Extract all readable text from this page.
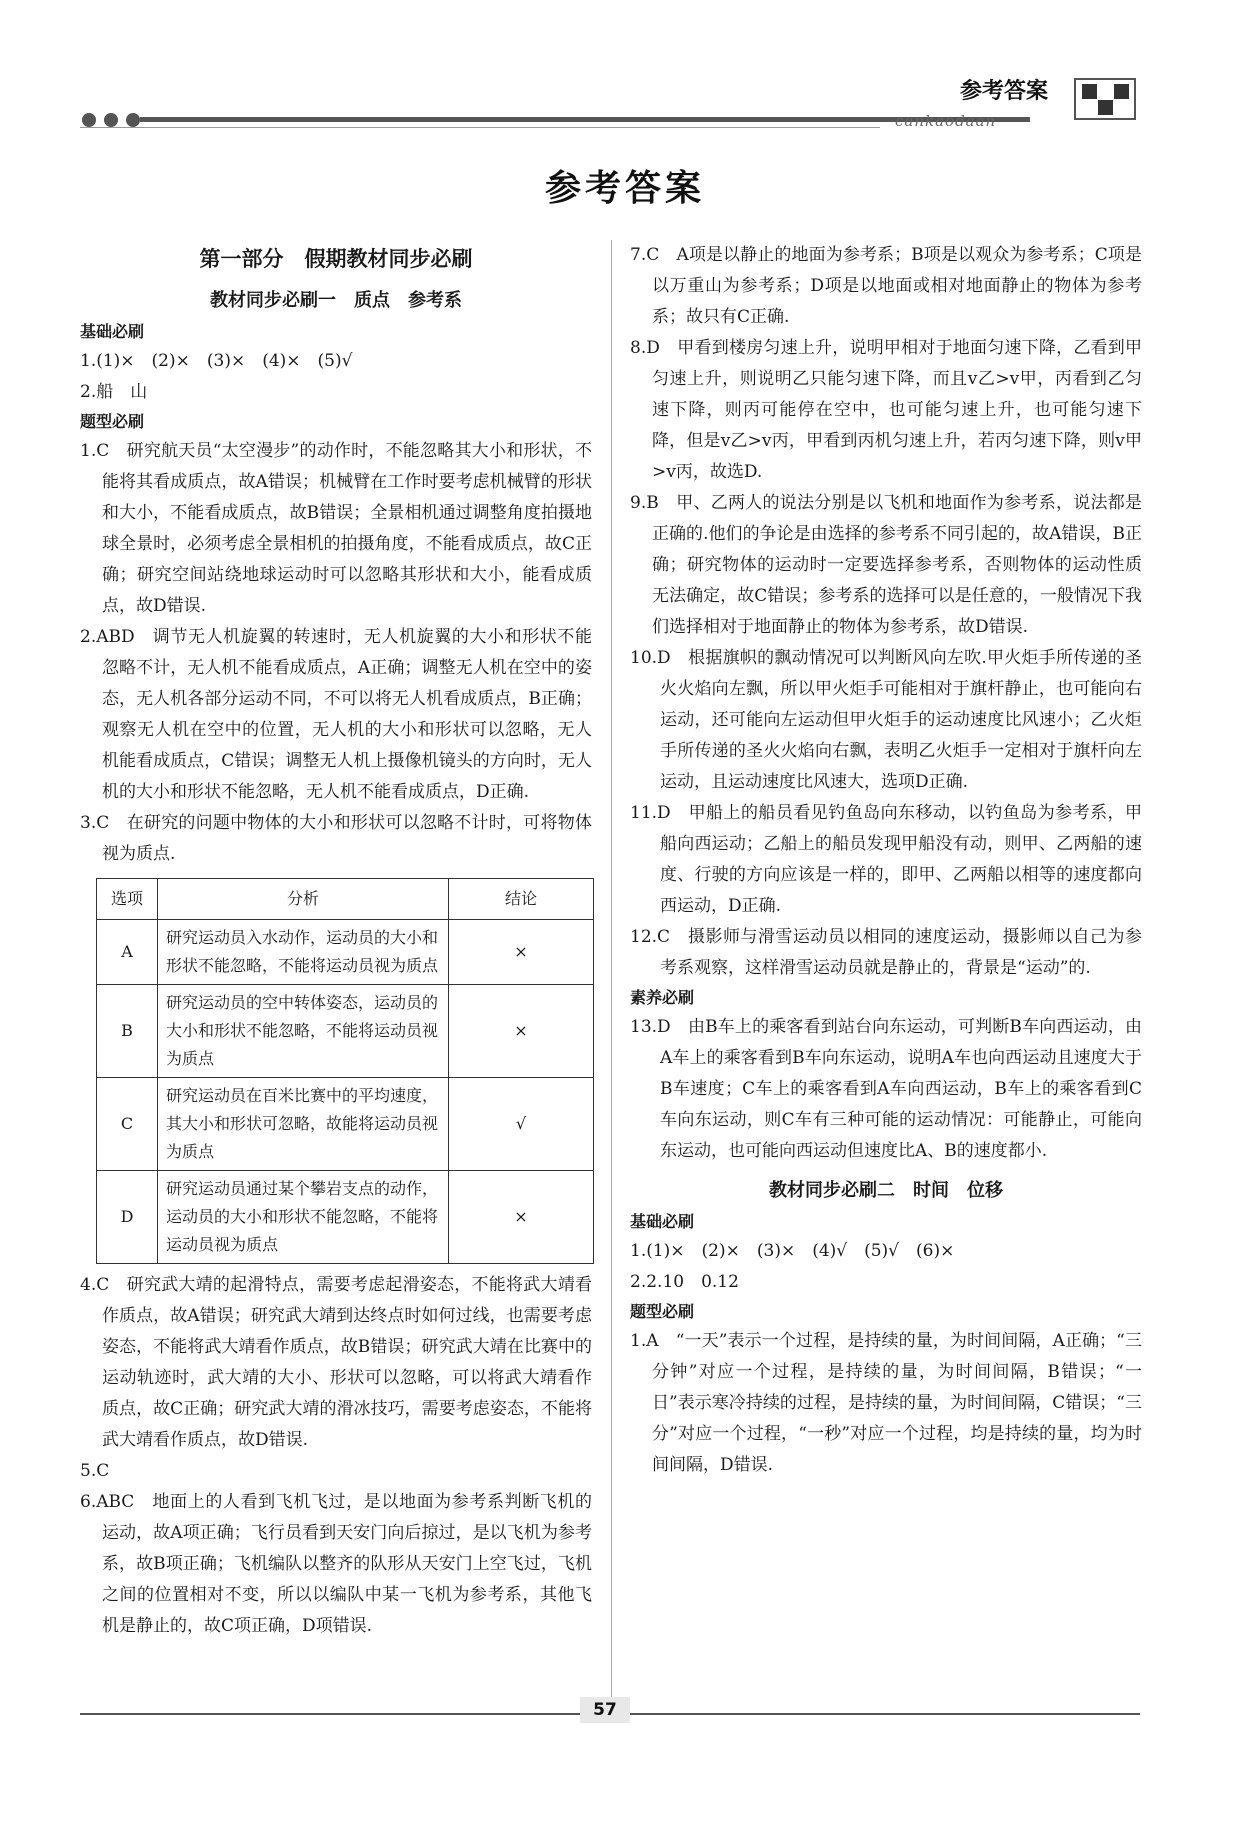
参考答案
cankaodaan
参考答案
第一部分　假期教材同步必刷
教材同步必刷一　质点　参考系
基础必刷
1.(1)×　(2)×　(3)×　(4)×　(5)√
2.船　山
题型必刷
1.C　研究航天员“太空漫步”的动作时，不能忽略其大小和形状，不能将其看成质点，故A错误；机械臂在工作时要考虑机械臂的形状和大小，不能看成质点，故B错误；全景相机通过调整角度拍摄地球全景时，必须考虑全景相机的拍摄角度，不能看成质点，故C正确；研究空间站绕地球运动时可以忽略其形状和大小，能看成质点，故D错误.
2.ABD　调节无人机旋翼的转速时，无人机旋翼的大小和形状不能忽略不计，无人机不能看成质点，A正确；调整无人机在空中的姿态，无人机各部分运动不同，不可以将无人机看成质点，B正确；观察无人机在空中的位置，无人机的大小和形状可以忽略，无人机能看成质点，C错误；调整无人机上摄像机镜头的方向时，无人机的大小和形状不能忽略，无人机不能看成质点，D正确.
3.C　在研究的问题中物体的大小和形状可以忽略不计时，可将物体视为质点.
选项	分析	结论
A	研究运动员入水动作，运动员的大小和形状不能忽略，不能将运动员视为质点	×
B	研究运动员的空中转体姿态，运动员的大小和形状不能忽略，不能将运动员视为质点	×
C	研究运动员在百米比赛中的平均速度，其大小和形状可忽略，故能将运动员视为质点	√
D	研究运动员通过某个攀岩支点的动作，运动员的大小和形状不能忽略，不能将运动员视为质点	×
4.C　研究武大靖的起滑特点，需要考虑起滑姿态，不能将武大靖看作质点，故A错误；研究武大靖到达终点时如何过线，也需要考虑姿态，不能将武大靖看作质点，故B错误；研究武大靖在比赛中的运动轨迹时，武大靖的大小、形状可以忽略，可以将武大靖看作质点，故C正确；研究武大靖的滑冰技巧，需要考虑姿态，不能将武大靖看作质点，故D错误.
5.C
6.ABC　地面上的人看到飞机飞过，是以地面为参考系判断飞机的运动，故A项正确；飞行员看到天安门向后掠过，是以飞机为参考系，故B项正确；飞机编队以整齐的队形从天安门上空飞过，飞机之间的位置相对不变，所以以编队中某一飞机为参考系，其他飞机是静止的，故C项正确，D项错误.
7.C　A项是以静止的地面为参考系；B项是以观众为参考系；C项是以万重山为参考系；D项是以地面或相对地面静止的物体为参考系；故只有C正确.
8.D　甲看到楼房匀速上升，说明甲相对于地面匀速下降，乙看到甲匀速上升，则说明乙只能匀速下降，而且v乙>v甲，丙看到乙匀速下降，则丙可能停在空中，也可能匀速上升，也可能匀速下降，但是v乙>v丙，甲看到丙机匀速上升，若丙匀速下降，则v甲>v丙，故选D.
9.B　甲、乙两人的说法分别是以飞机和地面作为参考系，说法都是正确的.他们的争论是由选择的参考系不同引起的，故A错误，B正确；研究物体的运动时一定要选择参考系，否则物体的运动性质无法确定，故C错误；参考系的选择可以是任意的，一般情况下我们选择相对于地面静止的物体为参考系，故D错误.
10.D　根据旗帜的飘动情况可以判断风向左吹.甲火炬手所传递的圣火火焰向左飘，所以甲火炬手可能相对于旗杆静止，也可能向右运动，还可能向左运动但甲火炬手的运动速度比风速小；乙火炬手所传递的圣火火焰向右飘，表明乙火炬手一定相对于旗杆向左运动，且运动速度比风速大，选项D正确.
11.D　甲船上的船员看见钓鱼岛向东移动，以钓鱼岛为参考系，甲船向西运动；乙船上的船员发现甲船没有动，则甲、乙两船的速度、行驶的方向应该是一样的，即甲、乙两船以相等的速度都向西运动，D正确.
12.C　摄影师与滑雪运动员以相同的速度运动，摄影师以自己为参考系观察，这样滑雪运动员就是静止的，背景是“运动”的.
素养必刷
13.D　由B车上的乘客看到站台向东运动，可判断B车向西运动，由A车上的乘客看到B车向东运动，说明A车也向西运动且速度大于B车速度；C车上的乘客看到A车向西运动，B车上的乘客看到C车向东运动，则C车有三种可能的运动情况：可能静止，可能向东运动，也可能向西运动但速度比A、B的速度都小.
教材同步必刷二　时间　位移
基础必刷
1.(1)×　(2)×　(3)×　(4)√　(5)√　(6)×
2.2.10　0.12
题型必刷
1.A　“一天”表示一个过程，是持续的量，为时间间隔，A正确；“三分钟”对应一个过程，是持续的量，为时间间隔，B错误；“一日”表示寒冷持续的过程，是持续的量，为时间间隔，C错误；“三分”对应一个过程，“一秒”对应一个过程，均是持续的量，均为时间间隔，D错误.
57
